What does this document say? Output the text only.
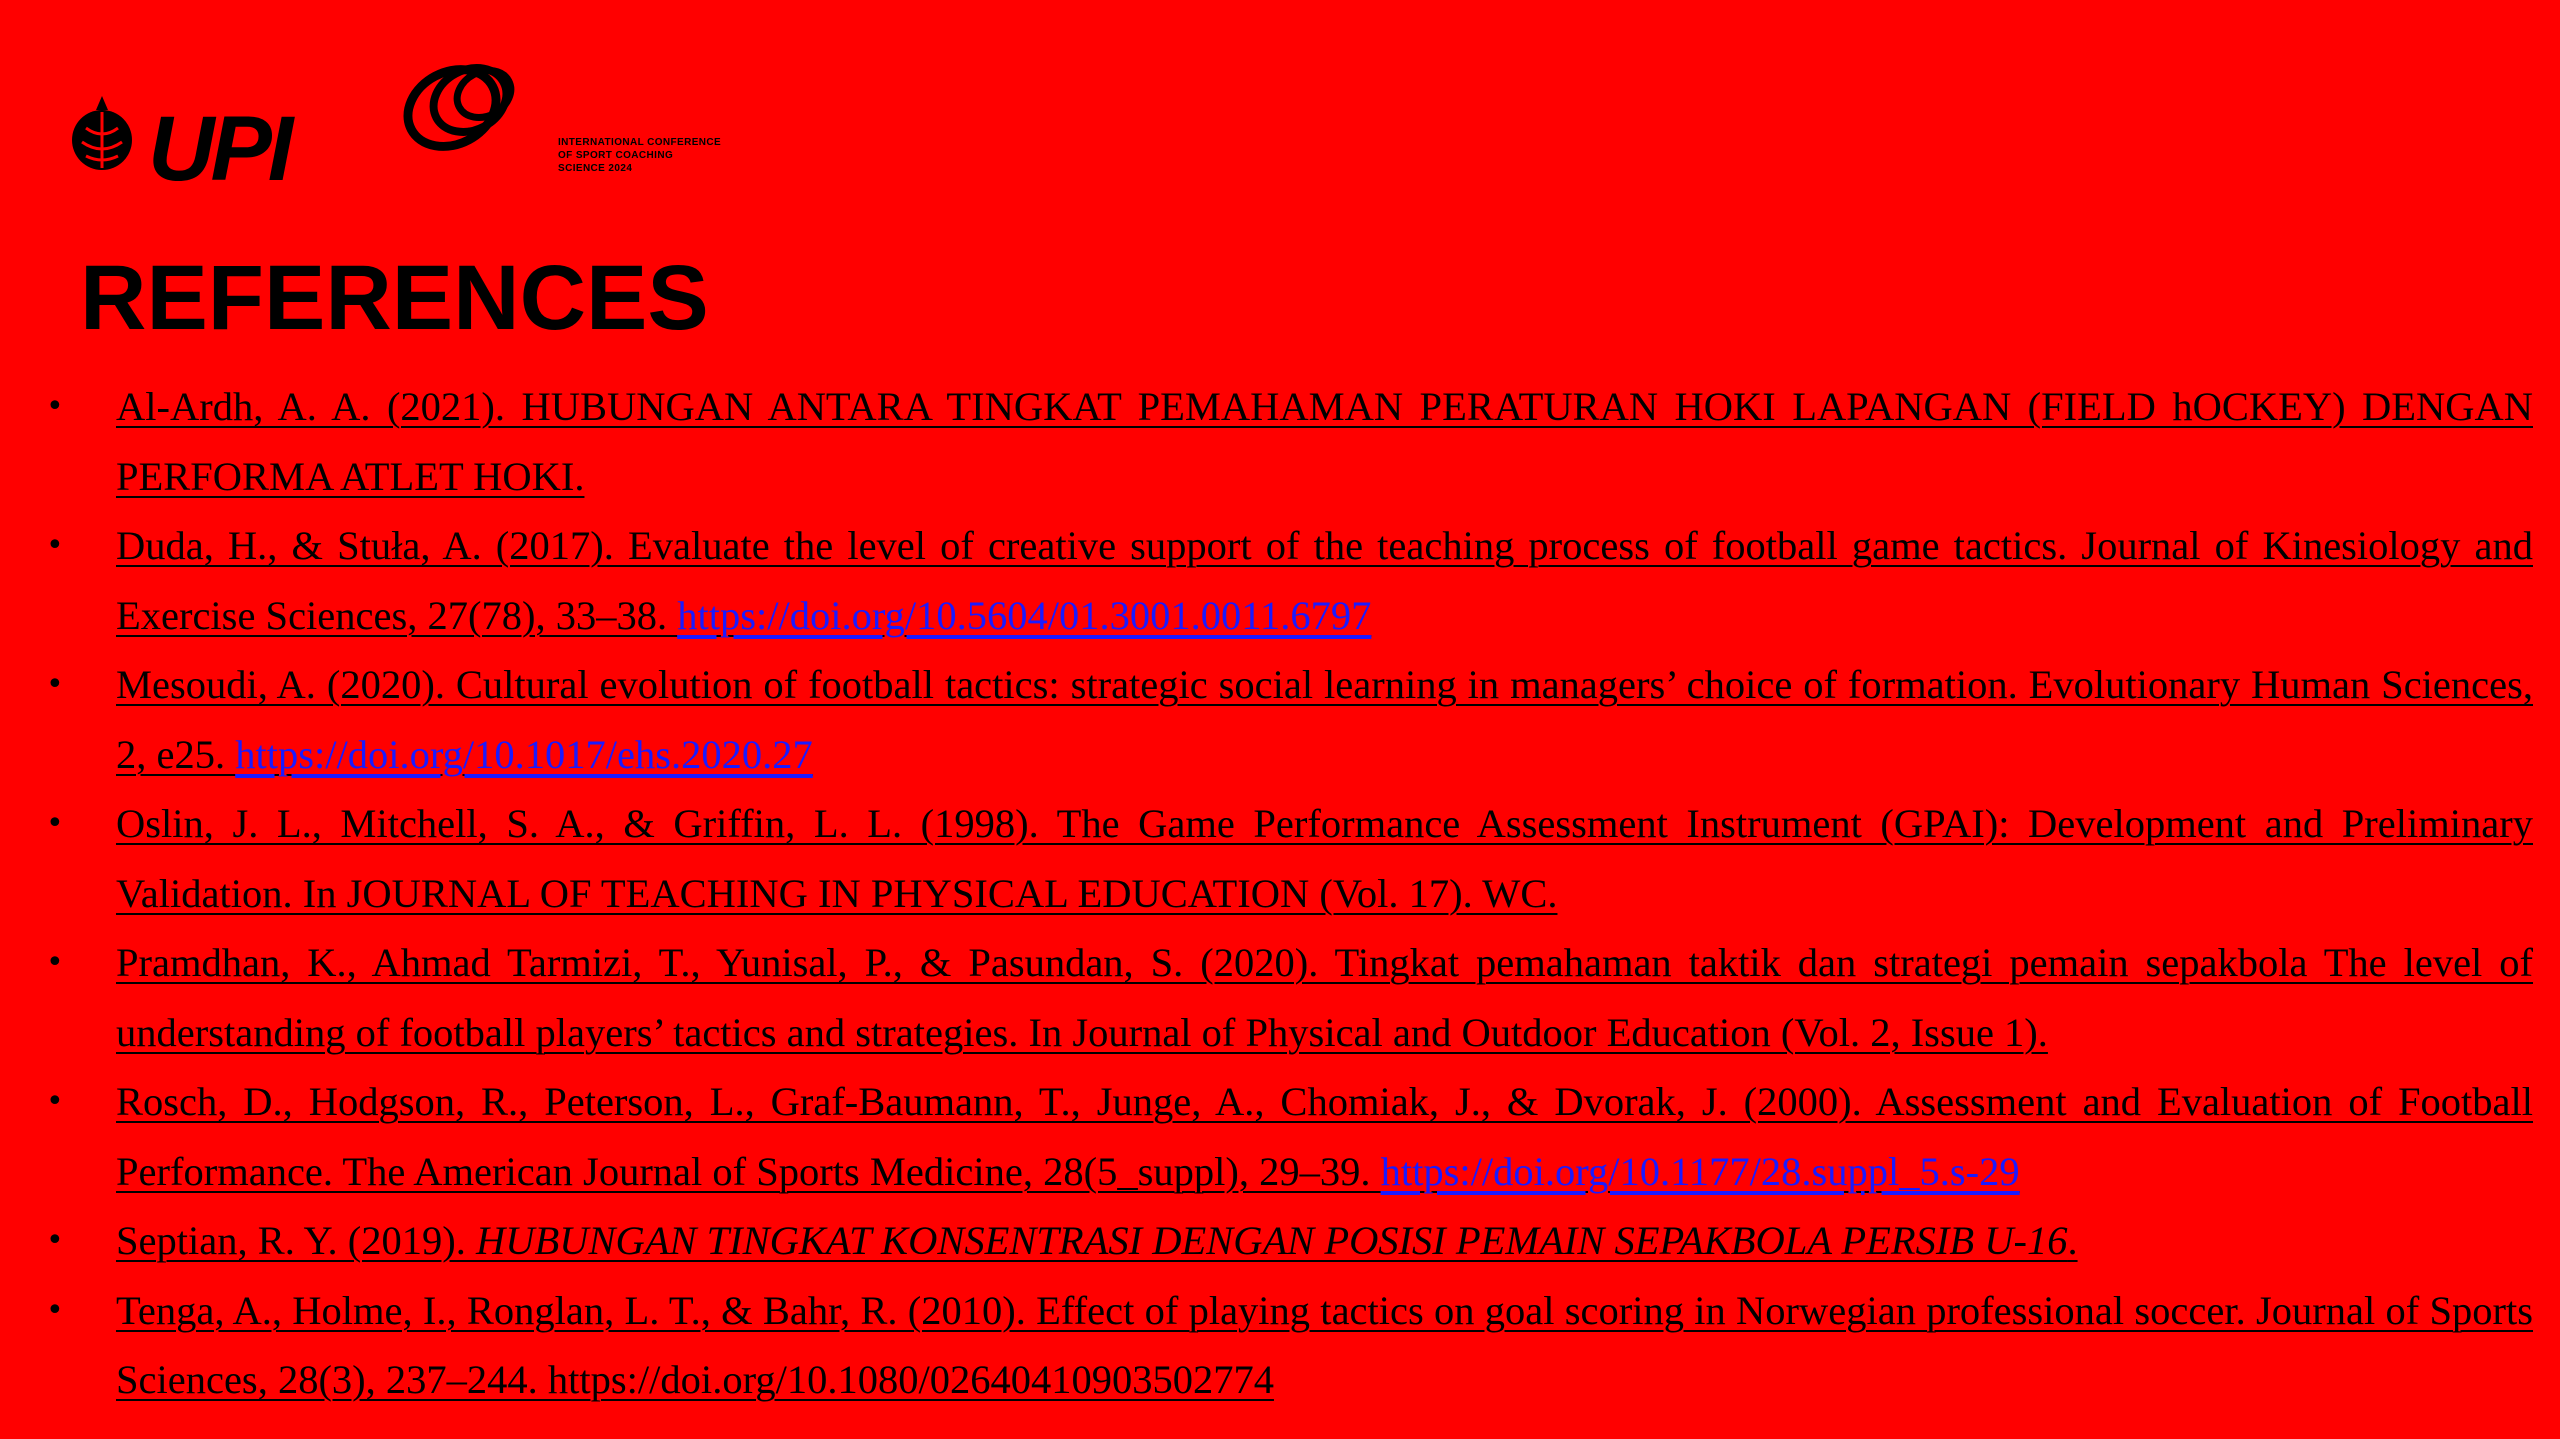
UPI	INTERNATIONAL CONFERENCE
OF SPORT COACHING
SCIENCE 2024
REFERENCES
• Al-Ardh, A. A. (2021). HUBUNGAN ANTARA TINGKAT PEMAHAMAN PERATURAN HOKI LAPANGAN (FIELD hOCKEY) DENGAN PERFORMA ATLET HOKI.
• Duda, H., & Stuła, A. (2017). Evaluate the level of creative support of the teaching process of football game tactics. Journal of Kinesiology and Exercise Sciences, 27(78), 33–38. https://doi.org/10.5604/01.3001.0011.6797
• Mesoudi, A. (2020). Cultural evolution of football tactics: strategic social learning in managers’ choice of formation. Evolutionary Human Sciences, 2, e25. https://doi.org/10.1017/ehs.2020.27
• Oslin, J. L., Mitchell, S. A., & Griffin, L. L. (1998). The Game Performance Assessment Instrument (GPAI): Development and Preliminary Validation. In JOURNAL OF TEACHING IN PHYSICAL EDUCATION (Vol. 17). WC.
• Pramdhan, K., Ahmad Tarmizi, T., Yunisal, P., & Pasundan, S. (2020). Tingkat pemahaman taktik dan strategi pemain sepakbola The level of understanding of football players’ tactics and strategies. In Journal of Physical and Outdoor Education (Vol. 2, Issue 1).
• Rosch, D., Hodgson, R., Peterson, L., Graf-Baumann, T., Junge, A., Chomiak, J., & Dvorak, J. (2000). Assessment and Evaluation of Football Performance. The American Journal of Sports Medicine, 28(5_suppl), 29–39. https://doi.org/10.1177/28.suppl_5.s-29
• Septian, R. Y. (2019). HUBUNGAN TINGKAT KONSENTRASI DENGAN POSISI PEMAIN SEPAKBOLA PERSIB U-16.
• Tenga, A., Holme, I., Ronglan, L. T., & Bahr, R. (2010). Effect of playing tactics on goal scoring in Norwegian professional soccer. Journal of Sports Sciences, 28(3), 237–244. https://doi.org/10.1080/02640410903502774
